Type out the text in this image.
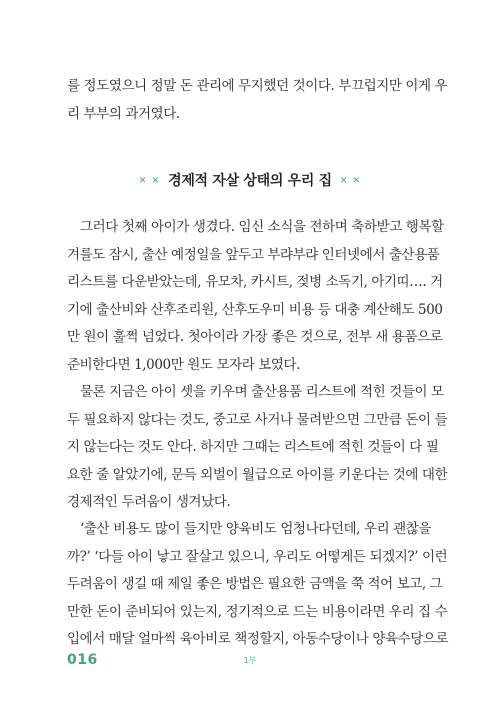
를 정도였으니 정말 돈 관리에 무지했던 것이다. 부끄럽지만 이게 우
리 부부의 과거였다.
✕ ✕ 경제적 자살 상태의 우리 집 ✕ ✕
그러다 첫째 아이가 생겼다. 임신 소식을 전하며 축하받고 행복할
겨를도 잠시, 출산 예정일을 앞두고 부랴부랴 인터넷에서 출산용품
리스트를 다운받았는데, 유모차, 카시트, 젖병 소독기, 아기띠…. 거
기에 출산비와 산후조리원, 산후도우미 비용 등 대충 계산해도 500
만 원이 훌쩍 넘었다. 첫아이라 가장 좋은 것으로, 전부 새 용품으로
준비한다면 1,000만 원도 모자라 보였다.
물론 지금은 아이 셋을 키우며 출산용품 리스트에 적힌 것들이 모
두 필요하지 않다는 것도, 중고로 사거나 물려받으면 그만큼 돈이 들
지 않는다는 것도 안다. 하지만 그때는 리스트에 적힌 것들이 다 필
요한 줄 알았기에, 문득 외벌이 월급으로 아이를 키운다는 것에 대한
경제적인 두려움이 생겨났다.
‘출산 비용도 많이 들지만 양육비도 엄청나다던데, 우리 괜찮을
까?’ ‘다들 아이 낳고 잘살고 있으니, 우리도 어떻게든 되겠지?’ 이런
두려움이 생길 때 제일 좋은 방법은 필요한 금액을 쭉 적어 보고, 그
만한 돈이 준비되어 있는지, 정기적으로 드는 비용이라면 우리 집 수
입에서 매달 얼마씩 육아비로 책정할지, 아동수당이나 양육수당으로
016	1부
